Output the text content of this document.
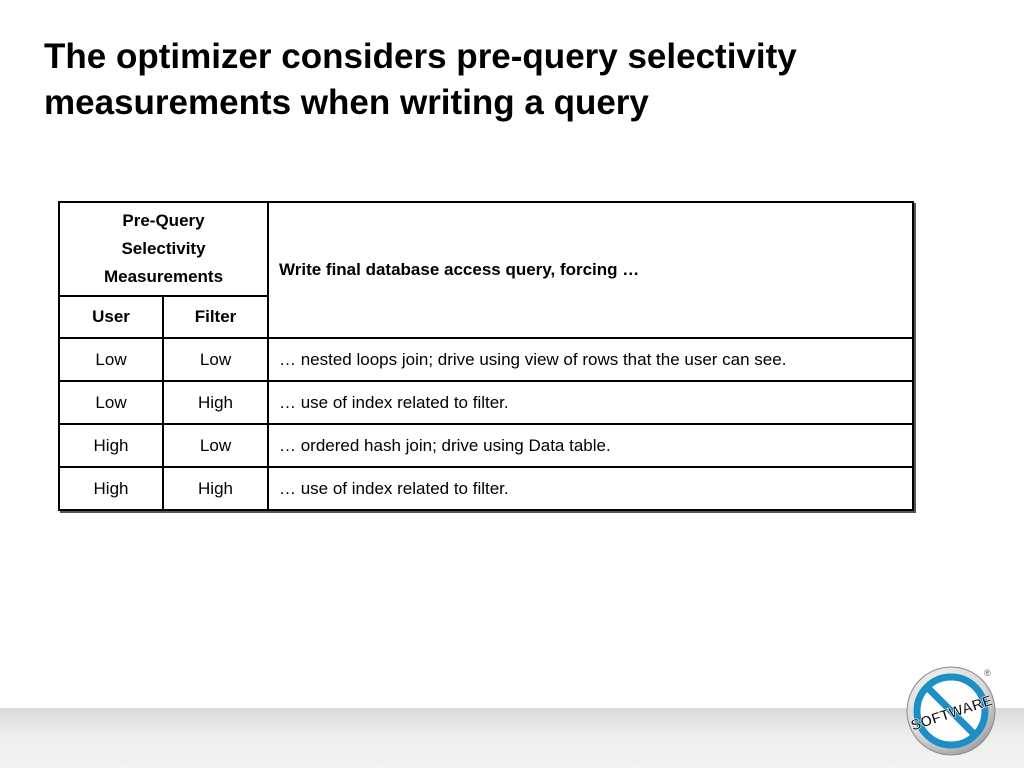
The optimizer considers pre-query selectivity measurements when writing a query
Pre-Query
Selectivity
Measurements		Write final database access query, forcing …
User	Filter	
Low	Low	… nested loops join; drive using view of rows that the user can see.
Low	High	… use of index related to filter.
High	Low	… ordered hash join; drive using Data table.
High	High	… use of index related to filter.
SOFTWARE
®
